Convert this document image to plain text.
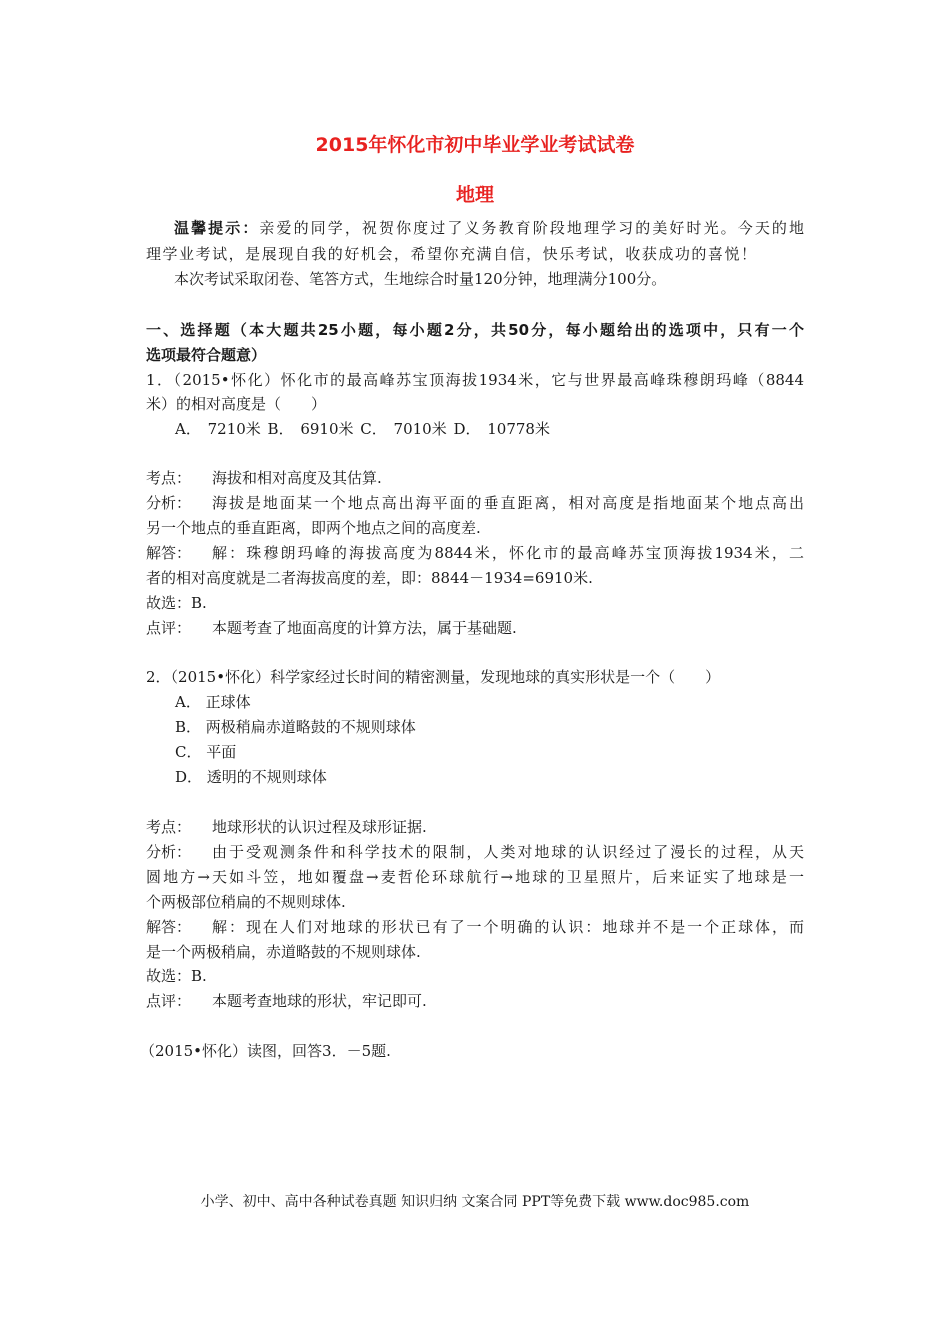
2015年怀化市初中毕业学业考试试卷
地理
温馨提示：亲爱的同学，祝贺你度过了义务教育阶段地理学习的美好时光。今天的地
理学业考试，是展现自我的好机会，希望你充满自信，快乐考试，收获成功的喜悦！
本次考试采取闭卷、笔答方式，生地综合时量120分钟，地理满分100分。
一、选择题（本大题共25小题，每小题2分，共50分，每小题给出的选项中，只有一个
选项最符合题意）
1．（2015•怀化）怀化市的最高峰苏宝顶海拔1934米，它与世界最高峰珠穆朗玛峰（8844
米）的相对高度是（　　）
A． 7210米 B． 6910米 C． 7010米 D． 10778米
考点： 海拔和相对高度及其估算.
分析： 海拔是地面某一个地点高出海平面的垂直距离，相对高度是指地面某个地点高出
另一个地点的垂直距离，即两个地点之间的高度差.
解答： 解：珠穆朗玛峰的海拔高度为8844米，怀化市的最高峰苏宝顶海拔1934米，二
者的相对高度就是二者海拔高度的差，即：8844－1934=6910米.
故选：B.
点评： 本题考查了地面高度的计算方法，属于基础题.
2．（2015•怀化）科学家经过长时间的精密测量，发现地球的真实形状是一个（　　）
A． 正球体
B． 两极稍扁赤道略鼓的不规则球体
C． 平面
D． 透明的不规则球体
考点： 地球形状的认识过程及球形证据.
分析： 由于受观测条件和科学技术的限制，人类对地球的认识经过了漫长的过程，从天
圆地方→天如斗笠，地如覆盘→麦哲伦环球航行→地球的卫星照片，后来证实了地球是一
个两极部位稍扁的不规则球体.
解答： 解：现在人们对地球的形状已有了一个明确的认识：地球并不是一个正球体，而
是一个两极稍扁，赤道略鼓的不规则球体.
故选：B.
点评： 本题考查地球的形状，牢记即可.
（2015•怀化）读图，回答3．－5题.
小学、初中、高中各种试卷真题 知识归纳 文案合同 PPT等免费下载 www.doc985.com
